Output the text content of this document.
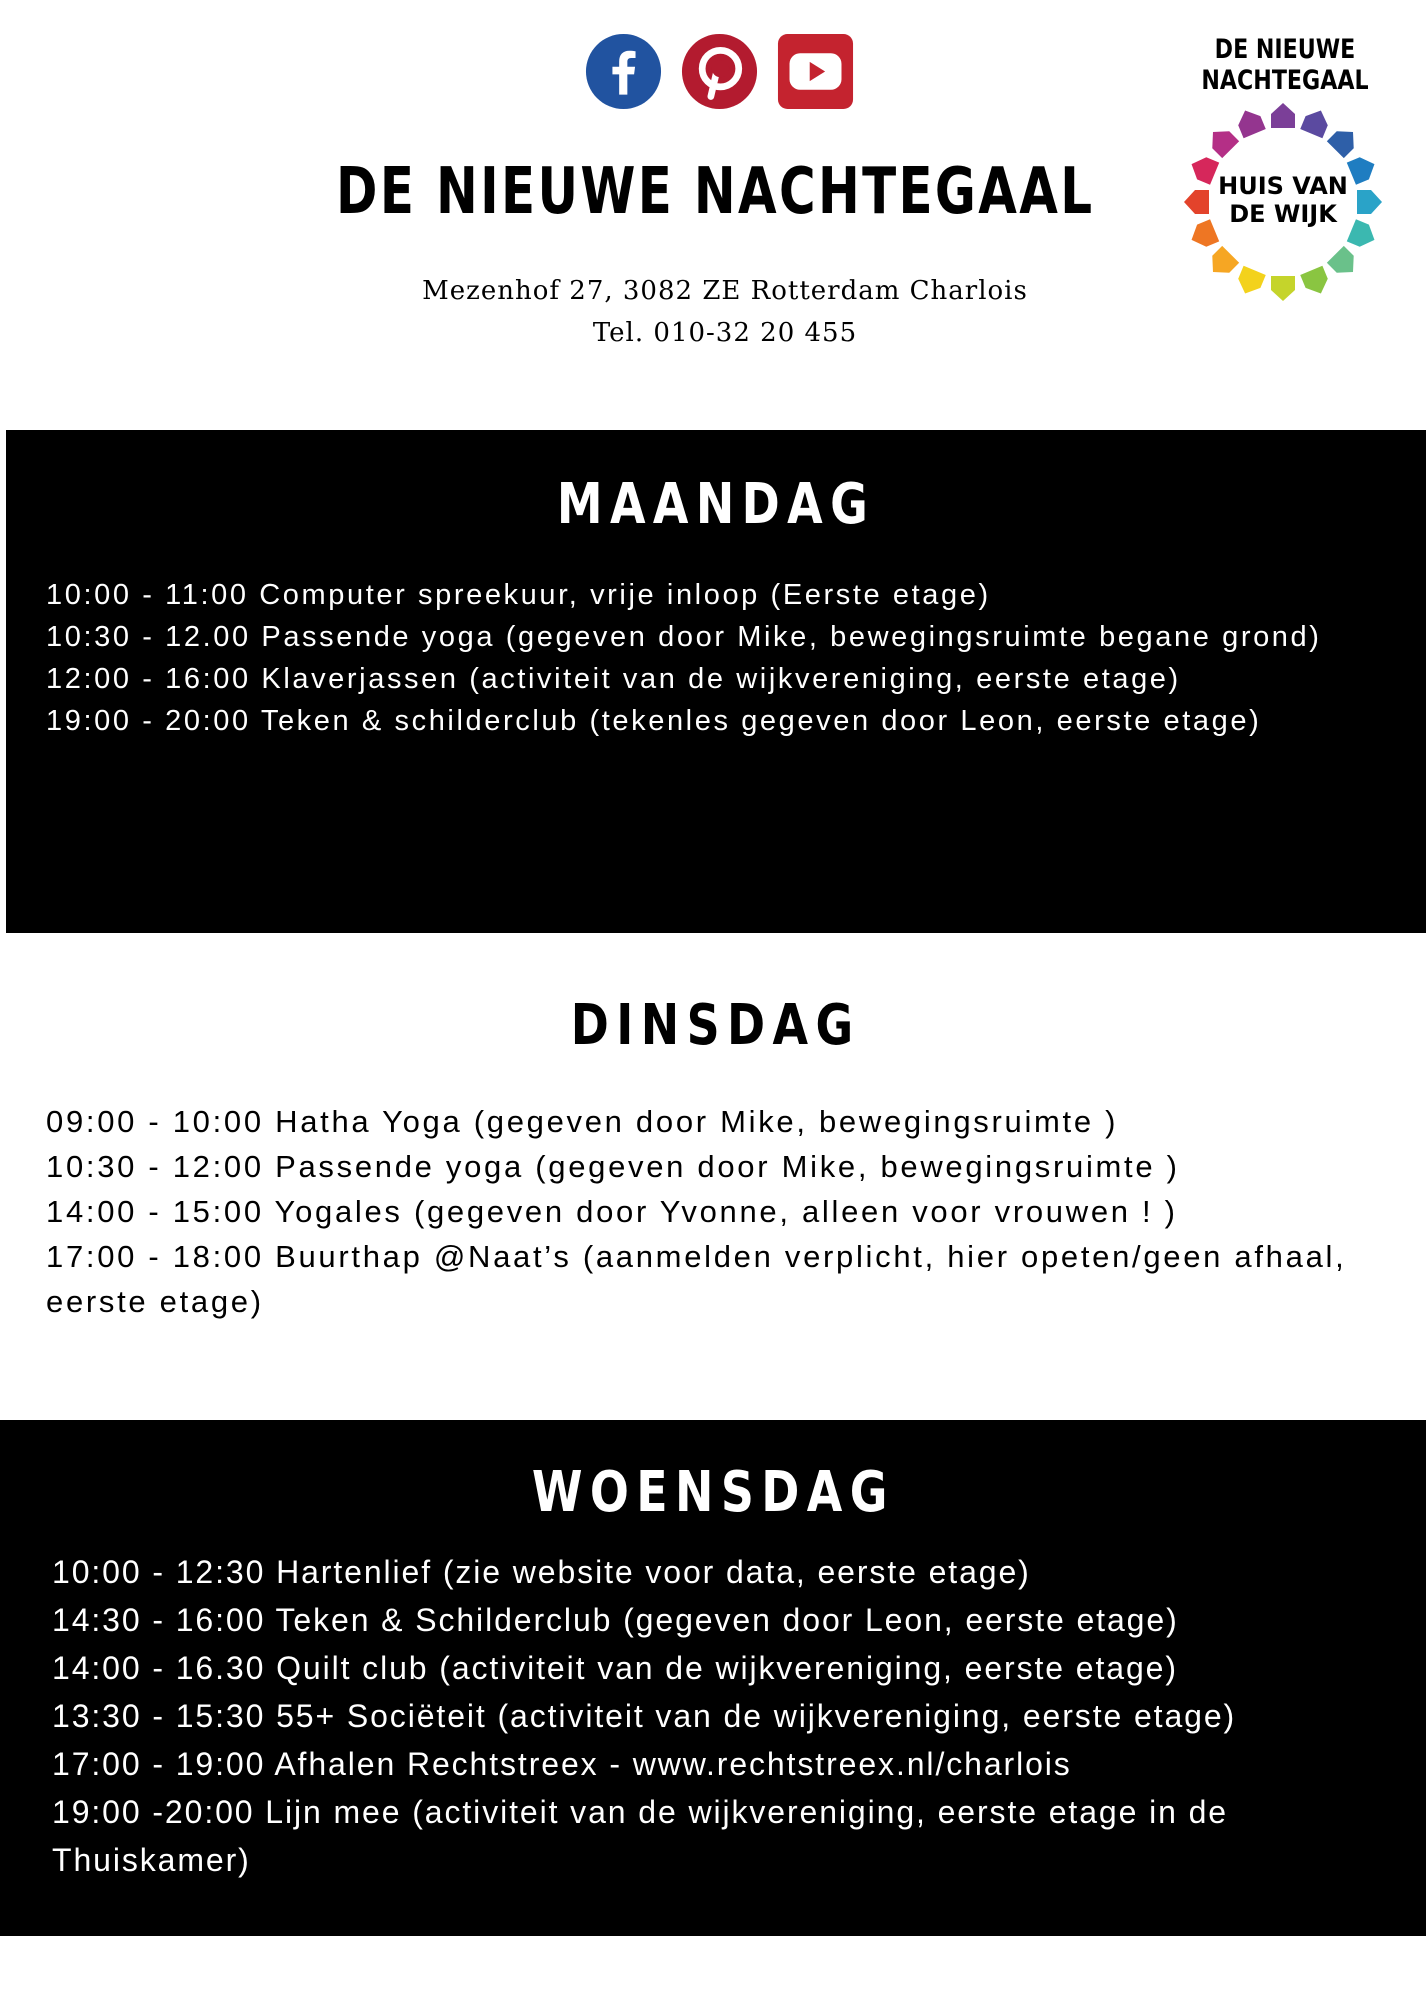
DE NIEUWE NACHTEGAAL
Mezenhof 27, 3082 ZE Rotterdam Charlois
Tel. 010-32 20 455
DE NIEUWE
NACHTEGAAL
HUIS VAN
DE WIJK
MAANDAG
10:00 - 11:00 Computer spreekuur, vrije inloop (Eerste etage)
10:30 - 12.00 Passende yoga (gegeven door Mike, bewegingsruimte begane grond)
12:00 - 16:00 Klaverjassen (activiteit van de wijkvereniging, eerste etage)
19:00 - 20:00 Teken & schilderclub (tekenles gegeven door Leon, eerste etage)
DINSDAG
09:00 - 10:00 Hatha Yoga (gegeven door Mike, bewegingsruimte )
10:30 - 12:00 Passende yoga (gegeven door Mike, bewegingsruimte )
14:00 - 15:00 Yogales (gegeven door Yvonne, alleen voor vrouwen ! )
17:00 - 18:00 Buurthap @Naat’s (aanmelden verplicht, hier opeten/geen afhaal, eerste etage)
WOENSDAG
10:00 - 12:30 Hartenlief (zie website voor data, eerste etage)
14:30 - 16:00 Teken & Schilderclub (gegeven door Leon, eerste etage)
14:00 - 16.30 Quilt club (activiteit van de wijkvereniging, eerste etage)
13:30 - 15:30 55+ Sociëteit (activiteit van de wijkvereniging, eerste etage)
17:00 - 19:00 Afhalen Rechtstreex - www.rechtstreex.nl/charlois
19:00 -20:00 Lijn mee (activiteit van de wijkvereniging, eerste etage in de Thuiskamer)
